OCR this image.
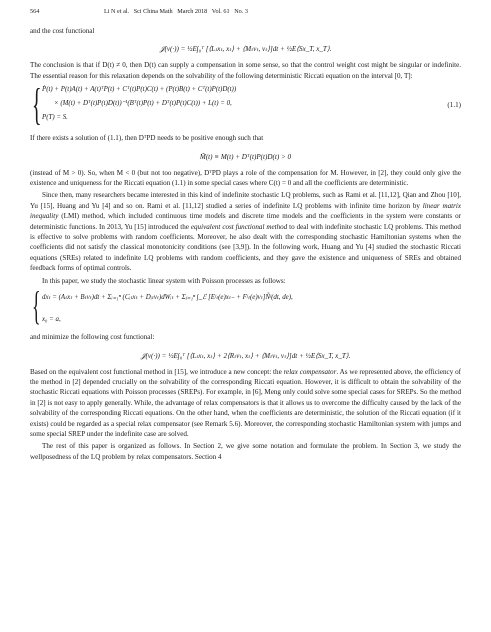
564	Li N et al.   Sci China Math   March 2018   Vol. 61   No. 3

and the cost functional

𝒥(v(·)) = ½E∫₀ᵀ [⟨Lₜxₜ, xₜ⟩ + ⟨Mₜvₜ, vₜ⟩]dt + ½E⟨Sx_T, x_T⟩.

The conclusion is that if D(t) ≠ 0, then D(t) can supply a compensation in some sense, so that the control weight cost might be singular or indefinite. The essential reason for this relaxation depends on the solvability of the following deterministic Riccati equation on the interval [0, T]:

{ Ṗ(t) + P(t)A(t) + A(t)ᵀP(t) + Cᵀ(t)P(t)C(t) + (P(t)B(t) + Cᵀ(t)P(t)D(t))
× (M(t) + Dᵀ(t)P(t)D(t))⁻¹(Bᵀ(t)P(t) + Dᵀ(t)P(t)C(t)) + L(t) = 0,
P(T) = S.
(1.1)

If there exists a solution of (1.1), then DᵀPD needs to be positive enough such that

M̃(t) ≡ M(t) + Dᵀ(t)P(t)D(t) > 0

(instead of M > 0). So, when M < 0 (but not too negative), DᵀPD plays a role of the compensation for M. However, in [2], they could only give the existence and uniqueness for the Riccati equation (1.1) in some special cases where C(t) = 0 and all the coefficients are deterministic.

Since then, many researchers became interested in this kind of indefinite stochastic LQ problems, such as Rami et al. [11,12], Qian and Zhou [10], Yu [15], Huang and Yu [4] and so on. Rami et al. [11,12] studied a series of indefinite LQ problems with infinite time horizon by linear matrix inequality (LMI) method, which included continuous time models and discrete time models and the coefficients in the system were constants or deterministic functions. In 2013, Yu [15] introduced the equivalent cost functional method to deal with indefinite stochastic LQ problems. This method is effective to solve problems with random coefficients. Moreover, he also dealt with the corresponding stochastic Hamiltonian systems when the coefficients did not satisfy the classical monotonicity conditions (see [3,9]). In the following work, Huang and Yu [4] studied the stochastic Riccati equations (SREs) related to indefinite LQ problems with random coefficients, and they gave the existence and uniqueness of SREs and obtained feedback forms of optimal controls.

In this paper, we study the stochastic linear system with Poisson processes as follows:

{ dxₜ = (Aₜxₜ + Bₜvₜ)dt + Σᵢ₌₁ⁿ (Cᵢₜxₜ + Dᵢₜvₜ)dWᵢₜ + Σⱼ₌₁ⁿ ∫_ℰ [Eʲₜ(e)xₜ₋ + Fʲₜ(e)vₜ]Ñʲ(dt, de),
x₀ = a,

and minimize the following cost functional:

𝒥(v(·)) = ½E∫₀ᵀ [⟨Lₜxₜ, xₜ⟩ + 2⟨Rₜvₜ, xₜ⟩ + ⟨Mₜvₜ, vₜ⟩]dt + ½E⟨Sx_T, x_T⟩.

Based on the equivalent cost functional method in [15], we introduce a new concept: the relax compensator. As we represented above, the efficiency of the method in [2] depended crucially on the solvability of the corresponding Riccati equation. However, it is difficult to obtain the solvability of the stochastic Riccati equations with Poisson processes (SREPs). For example, in [6], Meng only could solve some special cases for SREPs. So the method in [2] is not easy to apply generally. While, the advantage of relax compensators is that it allows us to overcome the difficulty caused by the lack of the solvability of the corresponding Riccati equations. On the other hand, when the coefficients are deterministic, the solution of the Riccati equation (if it exists) could be regarded as a special relax compensator (see Remark 5.6). Moreover, the corresponding stochastic Hamiltonian system with jumps and some special SREP under the indefinite case are solved.

The rest of this paper is organized as follows. In Section 2, we give some notation and formulate the problem. In Section 3, we study the wellposedness of the LQ problem by relax compensators. Section 4
